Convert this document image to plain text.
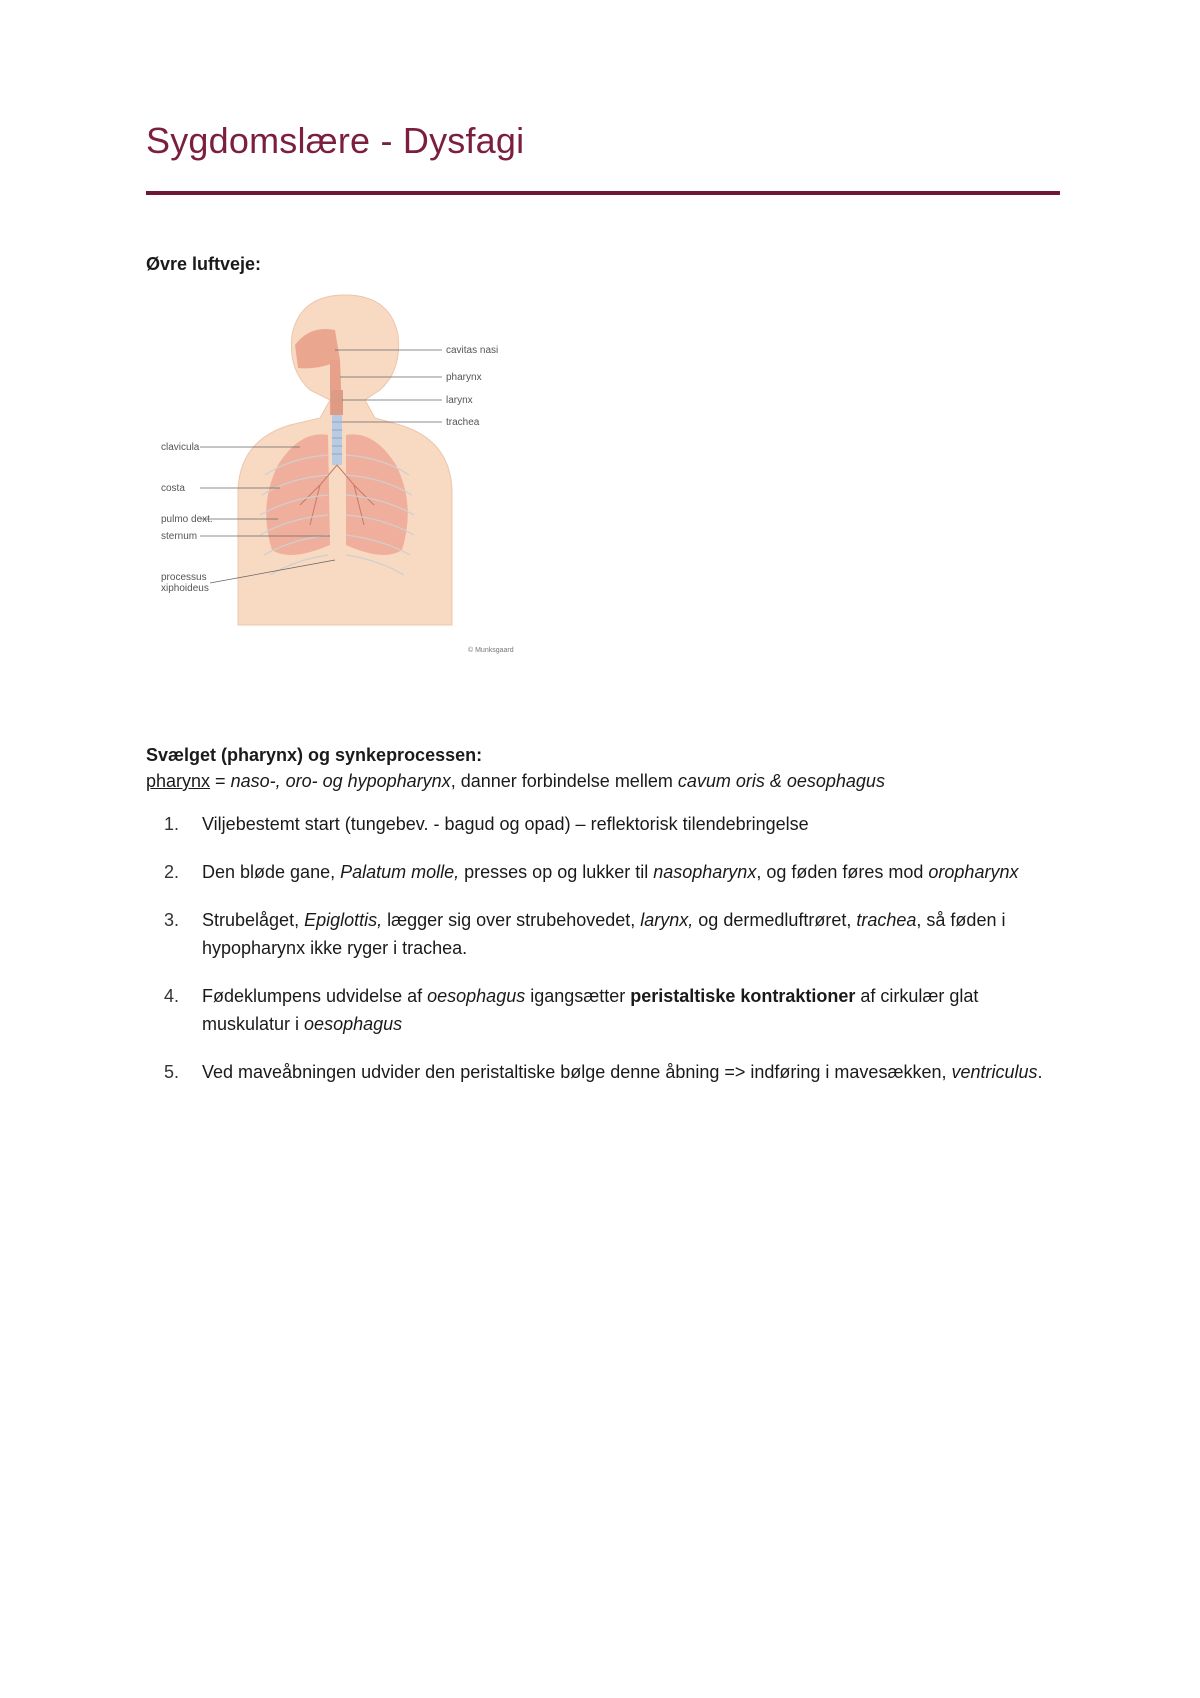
Sygdomslære - Dysfagi

Øvre luftveje:

cavitas nasi
pharynx
larynx
trachea
clavicula
costa
pulmo dext.
sternum
processus
xiphoideus
© Munksgaard
Svælget (pharynx) og synkeprocessen:

pharynx = naso-, oro- og hypopharynx, danner forbindelse mellem cavum oris & oesophagus

1. Viljebestemt start (tungebev. - bagud og opad) – reflektorisk tilendebringelse
2. Den bløde gane, Palatum molle, presses op og lukker til nasopharynx, og føden føres mod oropharynx
3. Strubelåget, Epiglottis, lægger sig over strubehovedet, larynx, og dermedluftrøret, trachea, så føden i hypopharynx ikke ryger i trachea.
4. Fødeklumpens udvidelse af oesophagus igangsætter peristaltiske kontraktioner af cirkulær glat muskulatur i oesophagus
5. Ved maveåbningen udvider den peristaltiske bølge denne åbning => indføring i mavesækken, ventriculus.
